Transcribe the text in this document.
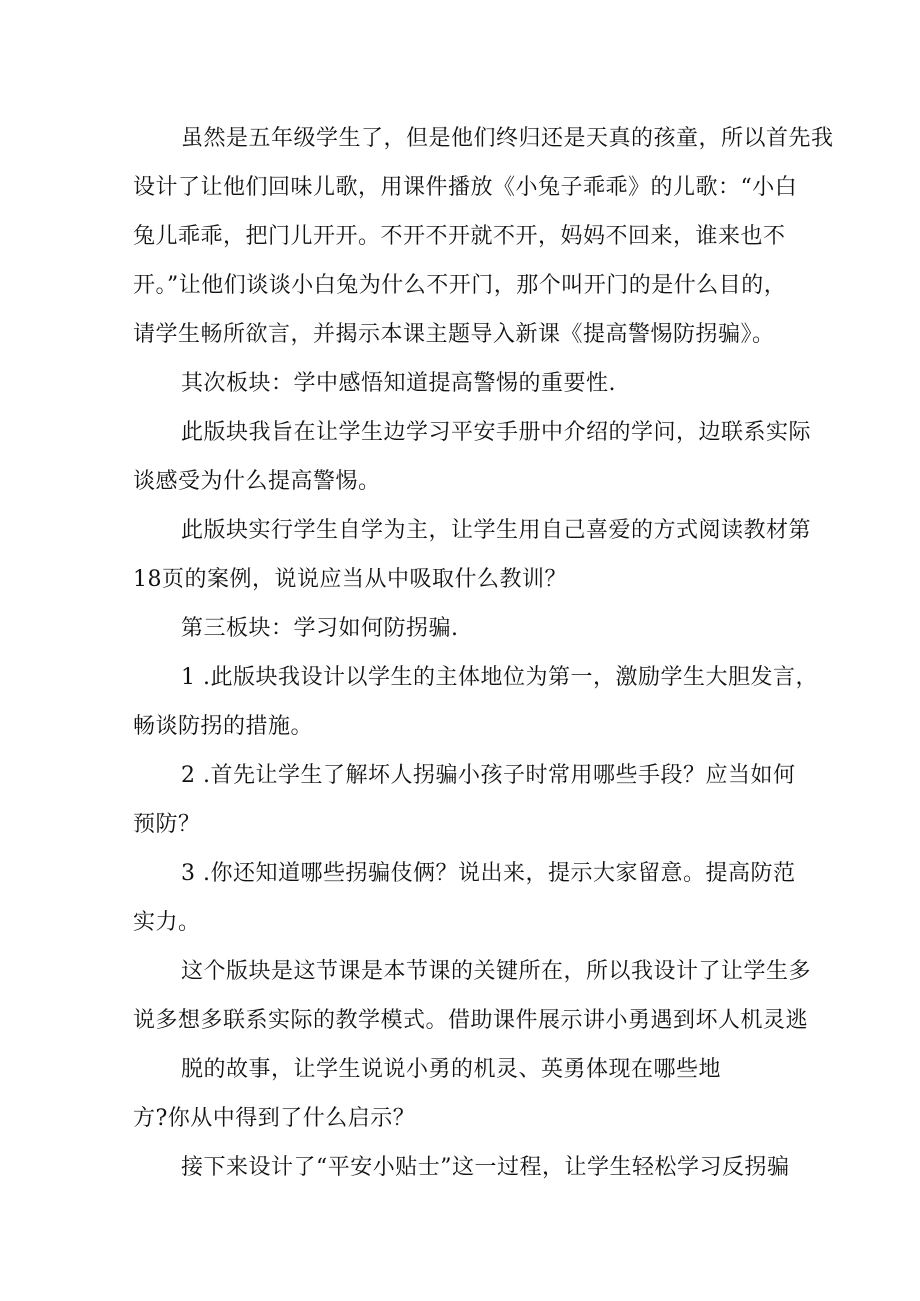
虽然是五年级学生了，但是他们终归还是天真的孩童，所以首先我
设计了让他们回味儿歌，用课件播放《小兔子乖乖》的儿歌：“小白
兔儿乖乖，把门儿开开。不开不开就不开，妈妈不回来，谁来也不
开。”让他们谈谈小白兔为什么不开门，那个叫开门的是什么目的，
请学生畅所欲言，并揭示本课主题导入新课《提高警惕防拐骗》。
其次板块：学中感悟知道提高警惕的重要性.
此版块我旨在让学生边学习平安手册中介绍的学问，边联系实际
谈感受为什么提高警惕。
此版块实行学生自学为主，让学生用自己喜爱的方式阅读教材第
18页的案例，说说应当从中吸取什么教训？
第三板块：学习如何防拐骗.
1 .此版块我设计以学生的主体地位为第一，激励学生大胆发言，
畅谈防拐的措施。
2 .首先让学生了解坏人拐骗小孩子时常用哪些手段？应当如何
预防？
3 .你还知道哪些拐骗伎俩？说出来，提示大家留意。提高防范
实力。
这个版块是这节课是本节课的关键所在，所以我设计了让学生多
说多想多联系实际的教学模式。借助课件展示讲小勇遇到坏人机灵逃
脱的故事，让学生说说小勇的机灵、英勇体现在哪些地
方?你从中得到了什么启示？
接下来设计了“平安小贴士”这一过程，让学生轻松学习反拐骗
